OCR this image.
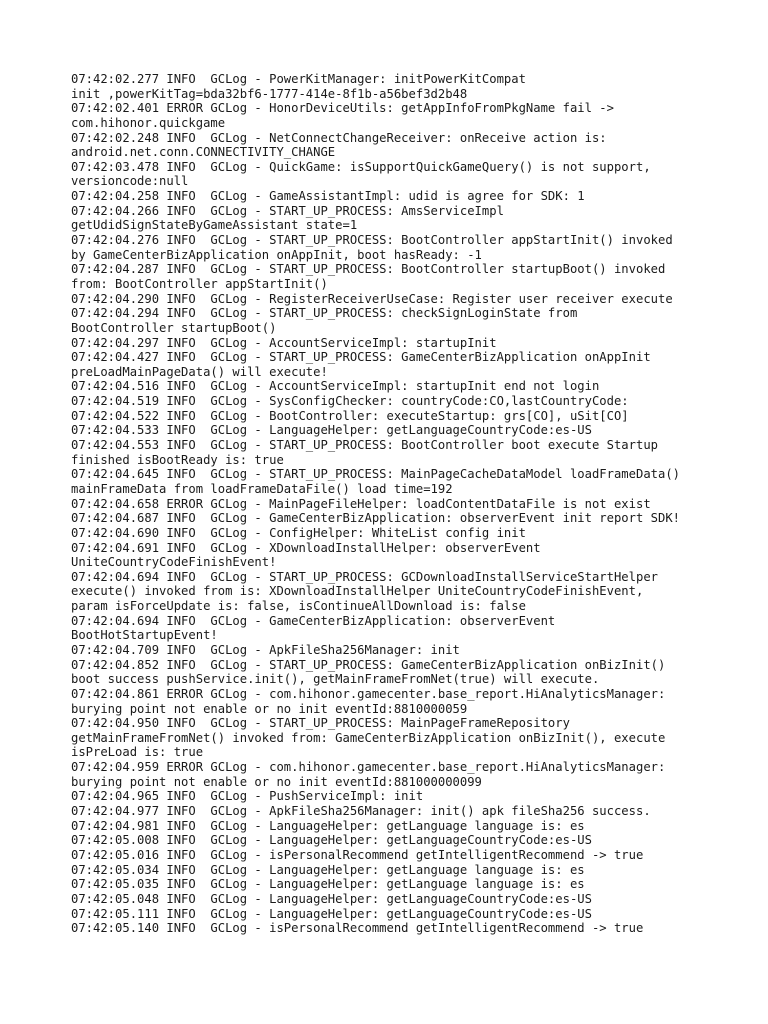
07:42:02.277 INFO  GCLog - PowerKitManager: initPowerKitCompat
init ,powerKitTag=bda32bf6-1777-414e-8f1b-a56bef3d2b48
07:42:02.401 ERROR GCLog - HonorDeviceUtils: getAppInfoFromPkgName fail ->
com.hihonor.quickgame
07:42:02.248 INFO  GCLog - NetConnectChangeReceiver: onReceive action is:
android.net.conn.CONNECTIVITY_CHANGE
07:42:03.478 INFO  GCLog - QuickGame: isSupportQuickGameQuery() is not support,
versioncode:null
07:42:04.258 INFO  GCLog - GameAssistantImpl: udid is agree for SDK: 1
07:42:04.266 INFO  GCLog - START_UP_PROCESS: AmsServiceImpl
getUdidSignStateByGameAssistant state=1
07:42:04.276 INFO  GCLog - START_UP_PROCESS: BootController appStartInit() invoked
by GameCenterBizApplication onAppInit, boot hasReady: -1
07:42:04.287 INFO  GCLog - START_UP_PROCESS: BootController startupBoot() invoked
from: BootController appStartInit()
07:42:04.290 INFO  GCLog - RegisterReceiverUseCase: Register user receiver execute
07:42:04.294 INFO  GCLog - START_UP_PROCESS: checkSignLoginState from
BootController startupBoot()
07:42:04.297 INFO  GCLog - AccountServiceImpl: startupInit
07:42:04.427 INFO  GCLog - START_UP_PROCESS: GameCenterBizApplication onAppInit
preLoadMainPageData() will execute!
07:42:04.516 INFO  GCLog - AccountServiceImpl: startupInit end not login
07:42:04.519 INFO  GCLog - SysConfigChecker: countryCode:CO,lastCountryCode:
07:42:04.522 INFO  GCLog - BootController: executeStartup: grs[CO], uSit[CO]
07:42:04.533 INFO  GCLog - LanguageHelper: getLanguageCountryCode:es-US
07:42:04.553 INFO  GCLog - START_UP_PROCESS: BootController boot execute Startup
finished isBootReady is: true
07:42:04.645 INFO  GCLog - START_UP_PROCESS: MainPageCacheDataModel loadFrameData()
mainFrameData from loadFrameDataFile() load time=192
07:42:04.658 ERROR GCLog - MainPageFileHelper: loadContentDataFile is not exist
07:42:04.687 INFO  GCLog - GameCenterBizApplication: observerEvent init report SDK!
07:42:04.690 INFO  GCLog - ConfigHelper: WhiteList config init
07:42:04.691 INFO  GCLog - XDownloadInstallHelper: observerEvent
UniteCountryCodeFinishEvent!
07:42:04.694 INFO  GCLog - START_UP_PROCESS: GCDownloadInstallServiceStartHelper
execute() invoked from is: XDownloadInstallHelper UniteCountryCodeFinishEvent,
param isForceUpdate is: false, isContinueAllDownload is: false
07:42:04.694 INFO  GCLog - GameCenterBizApplication: observerEvent
BootHotStartupEvent!
07:42:04.709 INFO  GCLog - ApkFileSha256Manager: init
07:42:04.852 INFO  GCLog - START_UP_PROCESS: GameCenterBizApplication onBizInit()
boot success pushService.init(), getMainFrameFromNet(true) will execute.
07:42:04.861 ERROR GCLog - com.hihonor.gamecenter.base_report.HiAnalyticsManager:
burying point not enable or no init eventId:8810000059
07:42:04.950 INFO  GCLog - START_UP_PROCESS: MainPageFrameRepository
getMainFrameFromNet() invoked from: GameCenterBizApplication onBizInit(), execute
isPreLoad is: true
07:42:04.959 ERROR GCLog - com.hihonor.gamecenter.base_report.HiAnalyticsManager:
burying point not enable or no init eventId:881000000099
07:42:04.965 INFO  GCLog - PushServiceImpl: init
07:42:04.977 INFO  GCLog - ApkFileSha256Manager: init() apk fileSha256 success.
07:42:04.981 INFO  GCLog - LanguageHelper: getLanguage language is: es
07:42:05.008 INFO  GCLog - LanguageHelper: getLanguageCountryCode:es-US
07:42:05.016 INFO  GCLog - isPersonalRecommend getIntelligentRecommend -> true
07:42:05.034 INFO  GCLog - LanguageHelper: getLanguage language is: es
07:42:05.035 INFO  GCLog - LanguageHelper: getLanguage language is: es
07:42:05.048 INFO  GCLog - LanguageHelper: getLanguageCountryCode:es-US
07:42:05.111 INFO  GCLog - LanguageHelper: getLanguageCountryCode:es-US
07:42:05.140 INFO  GCLog - isPersonalRecommend getIntelligentRecommend -> true
